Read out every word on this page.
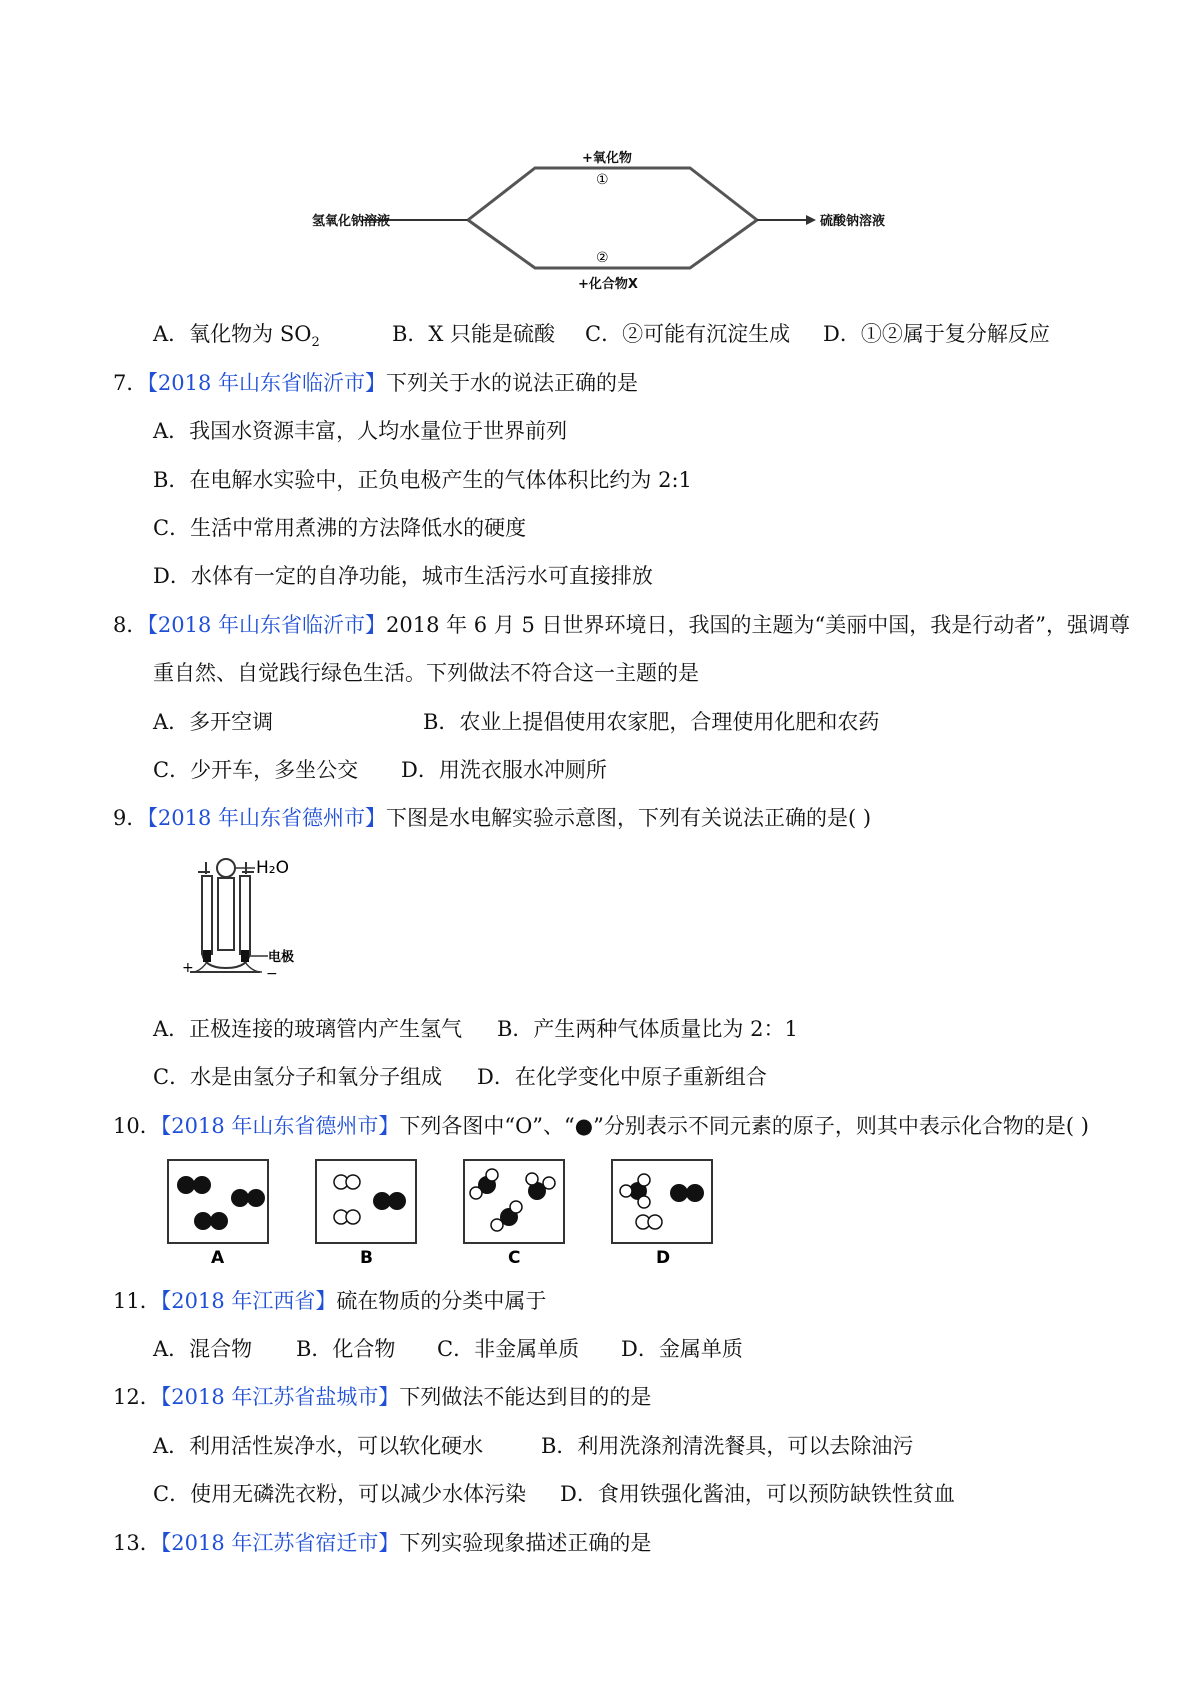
氢氧化钠溶液	硫酸钠溶液
+氧化物
①
②
+化合物X
A．氧化物为 $SO_2$	B．X 只能是硫酸 C．②可能有沉淀生成 D．①②属于复分解反应
7．【2018 年山东省临沂市】下列关于水的说法正确的是
A．我国水资源丰富，人均水量位于世界前列
B．在电解水实验中，正负电极产生的气体体积比约为 2:1
C．生活中常用煮沸的方法降低水的硬度
D．水体有一定的自净功能，城市生活污水可直接排放
8．【2018 年山东省临沂市】2018 年 6 月 5 日世界环境日，我国的主题为“美丽中国，我是行动者”，强调尊
重自然、自觉践行绿色生活。下列做法不符合这一主题的是
A．多开空调	B．农业上提倡使用农家肥，合理使用化肥和农药
C．少开车，多坐公交 D．用洗衣服水冲厕所
9．【2018 年山东省德州市】下图是水电解实验示意图，下列有关说法正确的是( )
H₂O
电极
+	−
A．正极连接的玻璃管内产生氢气 B．产生两种气体质量比为 2：1
C．水是由氢分子和氧分子组成 D．在化学变化中原子重新组合
10．【2018 年山东省德州市】下列各图中“O”、“●”分别表示不同元素的原子，则其中表示化合物的是( )
A	B	C	D
11．【2018 年江西省】硫在物质的分类中属于
A．混合物 B．化合物 C．非金属单质 D．金属单质
12．【2018 年江苏省盐城市】下列做法不能达到目的的是
A．利用活性炭净水，可以软化硬水	B．利用洗涤剂清洗餐具，可以去除油污
C．使用无磷洗衣粉，可以减少水体污染 D．食用铁强化酱油，可以预防缺铁性贫血
13．【2018 年江苏省宿迁市】下列实验现象描述正确的是
